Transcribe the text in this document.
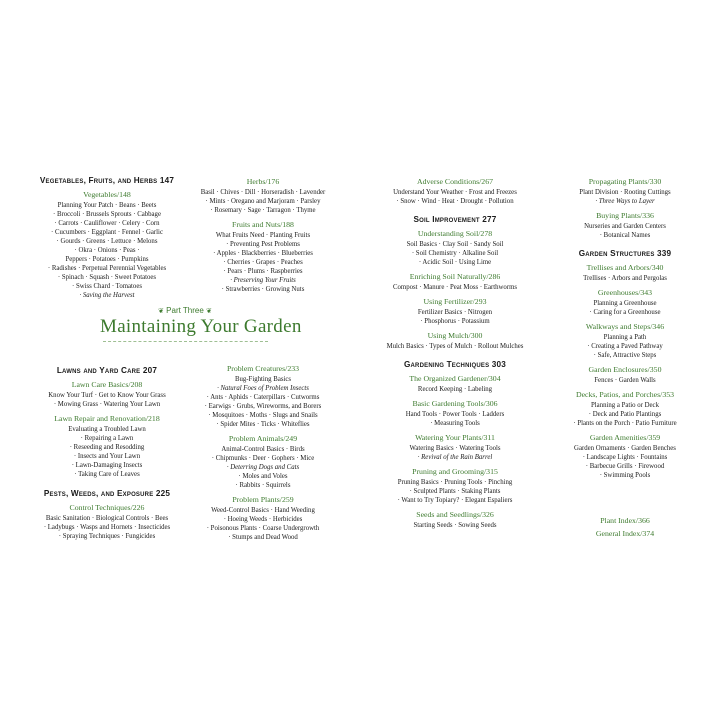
Vegetables, Fruits, and Herbs 147
Vegetables/148
Planning Your Patch · Beans · Beets
· Broccoli · Brussels Sprouts · Cabbage
· Carrots · Cauliflower · Celery · Corn
· Cucumbers · Eggplant · Fennel · Garlic
· Gourds · Greens · Lettuce · Melons
· Okra · Onions · Peas ·
Peppers · Potatoes · Pumpkins
· Radishes · Perpetual Perennial Vegetables
· Spinach · Squash · Sweet Potatoes
· Swiss Chard · Tomatoes
· Saving the Harvest
❦ Part Three ❦
Maintaining Your Garden
Lawns and Yard Care 207
Lawn Care Basics/208
Know Your Turf · Get to Know Your Grass
· Mowing Grass · Watering Your Lawn
Lawn Repair and Renovation/218
Evaluating a Troubled Lawn
· Repairing a Lawn
· Reseeding and Resodding
· Insects and Your Lawn
· Lawn-Damaging Insects
· Taking Care of Leaves
Pests, Weeds, and Exposure 225
Control Techniques/226
Basic Sanitation · Biological Controls · Bees
· Ladybugs · Wasps and Hornets · Insecticides
· Spraying Techniques · Fungicides
Herbs/176
Basil · Chives · Dill · Horseradish · Lavender
· Mints · Oregano and Marjoram · Parsley
· Rosemary · Sage · Tarragon · Thyme
Fruits and Nuts/188
What Fruits Need · Planting Fruits
· Preventing Pest Problems
· Apples · Blackberries · Blueberries
· Cherries · Grapes · Peaches
· Pears · Plums · Raspberries
· Preserving Your Fruits
· Strawberries · Growing Nuts
Problem Creatures/233
Bug-Fighting Basics
· Natural Foes of Problem Insects
· Ants · Aphids · Caterpillars · Cutworms
· Earwigs · Grubs, Wireworms, and Borers
· Mosquitoes · Moths · Slugs and Snails
· Spider Mites · Ticks · Whiteflies
Problem Animals/249
Animal-Control Basics · Birds
· Chipmunks · Deer · Gophers · Mice
· Deterring Dogs and Cats
· Moles and Voles
· Rabbits · Squirrels
Problem Plants/259
Weed-Control Basics · Hand Weeding
· Hoeing Weeds · Herbicides
· Poisonous Plants · Coarse Undergrowth
· Stumps and Dead Wood
Adverse Conditions/267
Understand Your Weather · Frost and Freezes
· Snow · Wind · Heat · Drought · Pollution
Soil Improvement 277
Understanding Soil/278
Soil Basics · Clay Soil · Sandy Soil
· Soil Chemistry · Alkaline Soil
· Acidic Soil · Using Lime
Enriching Soil Naturally/286
Compost · Manure · Peat Moss · Earthworms
Using Fertilizer/293
Fertilizer Basics · Nitrogen
· Phosphorus · Potassium
Using Mulch/300
Mulch Basics · Types of Mulch · Rollout Mulches
Gardening Techniques 303
The Organized Gardener/304
Record Keeping · Labeling
Basic Gardening Tools/306
Hand Tools · Power Tools · Ladders
· Measuring Tools
Watering Your Plants/311
Watering Basics · Watering Tools
· Revival of the Rain Barrel
Pruning and Grooming/315
Pruning Basics · Pruning Tools · Pinching
· Sculpted Plants · Staking Plants
· Want to Try Topiary? · Elegant Espaliers
Seeds and Seedlings/326
Starting Seeds · Sowing Seeds
Propagating Plants/330
Plant Division · Rooting Cuttings
· Three Ways to Layer
Buying Plants/336
Nurseries and Garden Centers
· Botanical Names
Garden Structures 339
Trellises and Arbors/340
Trellises · Arbors and Pergolas
Greenhouses/343
Planning a Greenhouse
· Caring for a Greenhouse
Walkways and Steps/346
Planning a Path
· Creating a Paved Pathway
· Safe, Attractive Steps
Garden Enclosures/350
Fences · Garden Walls
Decks, Patios, and Porches/353
Planning a Patio or Deck
· Deck and Patio Plantings
· Plants on the Porch · Patio Furniture
Garden Amenities/359
Garden Ornaments · Garden Benches
· Landscape Lights · Fountains
· Barbecue Grills · Firewood
· Swimming Pools
Plant Index/366
General Index/374
